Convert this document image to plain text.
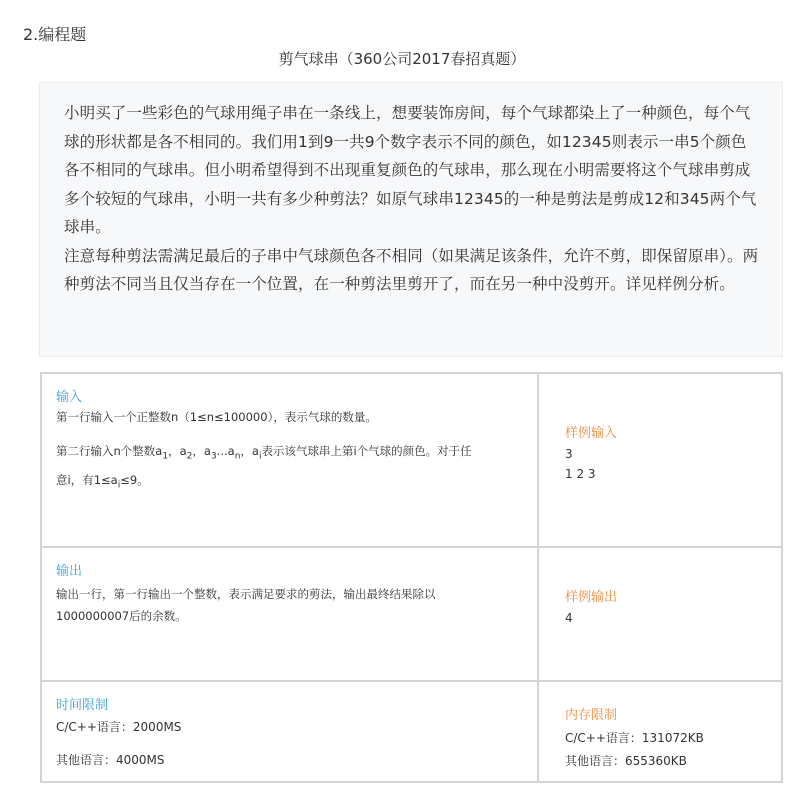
2.编程题
剪气球串（360公司2017春招真题）

小明买了一些彩色的气球用绳子串在一条线上，想要装饰房间，每个气球都染上了一种颜色，每个气球的形状都是各不相同的。我们用1到9一共9个数字表示不同的颜色，如12345则表示一串5个颜色各不相同的气球串。但小明希望得到不出现重复颜色的气球串，那么现在小明需要将这个气球串剪成多个较短的气球串，小明一共有多少种剪法？如原气球串12345的一种是剪法是剪成12和345两个气球串。

注意每种剪法需满足最后的子串中气球颜色各不相同（如果满足该条件，允许不剪，即保留原串）。两种剪法不同当且仅当存在一个位置，在一种剪法里剪开了，而在另一种中没剪开。详见样例分析。

输入
第一行输入一个正整数n（1≤n≤100000），表示气球的数量。
第二行输入n个整数$a_1$，$a_2$，$a_3...a_n$，$a_i$表示该气球串上第i个气球的颜色。对于任
意i，有$1\le a_i\le 9$。
样例输入
3
1 2 3
输出
输出一行，第一行输出一个整数，表示满足要求的剪法，输出最终结果除以
1000000007后的余数。
样例输出
4
时间限制
C/C++语言：2000MS
其他语言：4000MS
内存限制
C/C++语言：131072KB
其他语言：655360KB
